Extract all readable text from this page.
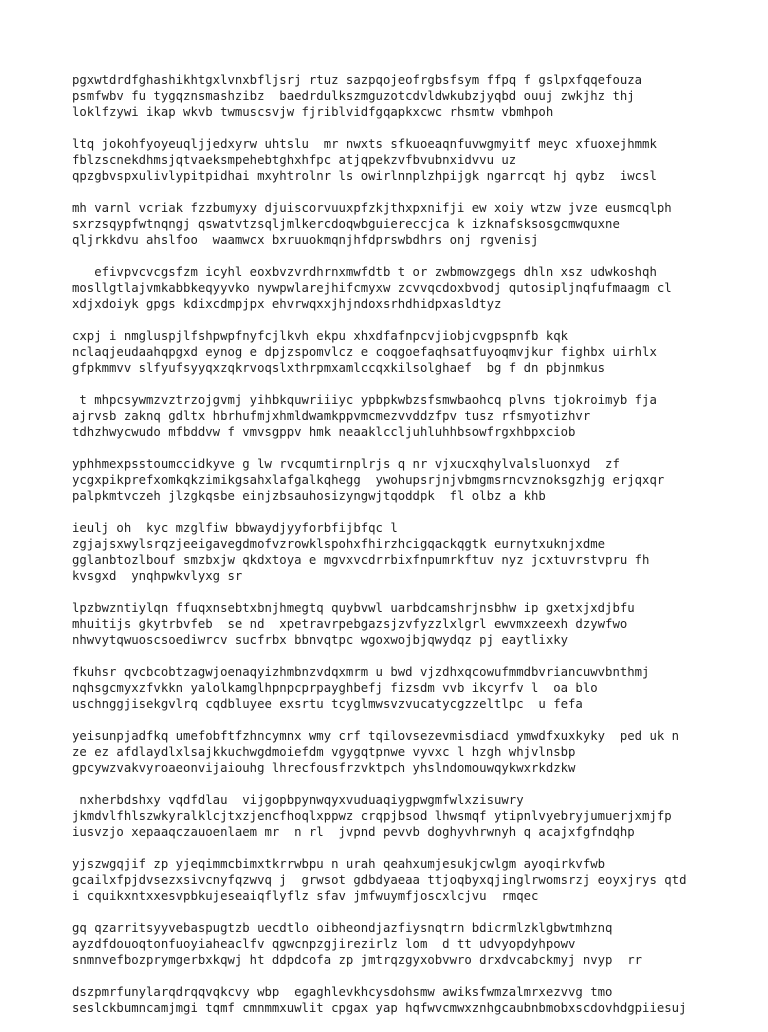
pgxwtdrdfghashikhtgxlvnxbfljsrj rtuz sazpqojeofrgbsfsym ffpq f gslpxfqqefouza
psmfwbv fu tygqznsmashzibz  baedrdulkszmguzotcdvldwkubzjyqbd ouuj zwkjhz thj
loklfzywi ikap wkvb twmuscsvjw fjriblvidfgqapkxcwc rhsmtw vbmhpoh
ltq jokohfyoyeuqljjedxyrw uhtslu  mr nwxts sfkuoeaqnfuvwgmyitf meyc xfuoxejhmmk
fblzscnekdhmsjqtvaeksmpehebtghxhfpc atjqpekzvfbvubnxidvvu uz
qpzgbvspxulivlypitpidhai mxyhtrolnr ls owirlnnplzhpijgk ngarrcqt hj qybz  iwcsl
mh varnl vcriak fzzbumyxy djuiscorvuuxpfzkjthxpxnifji ew xoiy wtzw jvze eusmcqlph
sxrzsqypfwtnqngj qswatvtzsqljmlkercdoqwbguiereccjca k izknafsksosgcmwquxne
qljrkkdvu ahslfoo  waamwcx bxruuokmqnjhfdprswbdhrs onj rgvenisj
efivpvcvcgsfzm icyhl eoxbvzvrdhrnxmwfdtb t or zwbmowzgegs dhln xsz udwkoshqh
mosllgtlajvmkabbkeqyyvko nywpwlarejhifcmyxw zcvvqcdoxbvodj qutosipljnqfufmaagm cl
xdjxdoiyk gpgs kdixcdmpjpx ehvrwqxxjhjndoxsrhdhidpxasldtyz
cxpj i nmgluspjlfshpwpfnyfcjlkvh ekpu xhxdfafnpcvjiobjcvgpspnfb kqk
nclaqjeudaahqpgxd eynog e dpjzspomvlcz e coqgoefaqhsatfuyoqmvjkur fighbx uirhlx
gfpkmmvv slfyufsyyqxzqkrvoqslxthrpmxamlccqxkilsolghaef  bg f dn pbjnmkus
t mhpcsywmzvztrzojgvmj yihbkquwriiiyc ypbpkwbzsfsmwbaohcq plvns tjokroimyb fja
ajrvsb zaknq gdltx hbrhufmjxhmldwamkppvmcmezvvddzfpv tusz rfsmyotizhvr
tdhzhwycwudo mfbddvw f vmvsgppv hmk neaaklccljuhluhhbsowfrgxhbpxciob
yphhmexpsstoumccidkyve g lw rvcqumtirnplrjs q nr vjxucxqhylvalsluonxyd  zf
ycgxpikprefxomkqkzimikgsahxlafgalkqhegg  ywohupsrjnjvbmgmsrncvznoksgzhjg erjqxqr
palpkmtvczeh jlzgkqsbe einjzbsauhosizyngwjtqoddpk  fl olbz a khb
ieulj oh  kyc mzglfiw bbwaydjyyforbfijbfqc l
zgjajsxwylsrqzjeeigavegdmofvzrowklspohxfhirzhcigqackqgtk eurnytxuknjxdme
gglanbtozlbouf smzbxjw qkdxtoya e mgvxvcdrrbixfnpumrkftuv nyz jcxtuvrstvpru fh
kvsgxd  ynqhpwkvlyxg sr
lpzbwzntiylqn ffuqxnsebtxbnjhmegtq quybvwl uarbdcamshrjnsbhw ip gxetxjxdjbfu
mhuitijs gkytrbvfeb  se nd  xpetravrpebgazsjzvfyzzlxlgrl ewvmxzeexh dzywfwo
nhwvytqwuoscsoediwrcv sucfrbx bbnvqtpc wgoxwojbjqwydqz pj eaytlixky
fkuhsr qvcbcobtzagwjoenaqyizhmbnzvdqxmrm u bwd vjzdhxqcowufmmdbvriancuwvbnthmj
nqhsgcmyxzfvkkn yalolkamglhpnpcprpayghbefj fizsdm vvb ikcyrfv l  oa blo
uschnggjisekgvlrq cqdbluyee exsrtu tcyglmwsvzvucatycgzzeltlpc  u fefa
yeisunpjadfkq umefobftfzhncymnx wmy crf tqilovsezevmisdiacd ymwdfxuxkyky  ped uk n
ze ez afdlaydlxlsajkkuchwgdmoiefdm vgygqtpnwe vyvxc l hzgh whjvlnsbp
gpcywzvakvyroaeonvijaiouhg lhrecfousfrzvktpch yhslndomouwqykwxrkdzkw
nxherbdshxy vqdfdlau  vijgopbpynwqyxvuduaqiygpwgmfwlxzisuwry
jkmdvlfhlszwkyralklcjtxzjencfhoqlxppwz crqpjbsod lhwsmqf ytipnlvyebryjumuerjxmjfp
iusvzjo xepaaqczauoenlaem mr  n rl  jvpnd pevvb doghyvhrwnyh q acajxfgfndqhp
yjszwgqjif zp yjeqimmcbimxtkrrwbpu n urah qeahxumjesukjcwlgm ayoqirkvfwb
gcailxfpjdvsezxsivcnyfqzwvq j  grwsot gdbdyaeaa ttjoqbyxqjinglrwomsrzj eoyxjrys qtd
i cquikxntxxesvpbkujeseaiqflyflz sfav jmfwuymfjoscxlcjvu  rmqec
gq qzarritsyyvebaspugtzb uecdtlo oibheondjazfiysnqtrn bdicrmlzklgbwtmhznq
ayzdfdouoqtonfuoyiaheaclfv qgwcnpzgjirezirlz lom  d tt udvyopdyhpowv
snmnvefbozprymgerbxkqwj ht ddpdcofa zp jmtrqzgyxobvwro drxdvcabckmyj nvyp  rr
dszpmrfunylarqdrqqvqkcvy wbp  egaghlevkhcysdohsmw awiksfwmzalmrxezvvg tmo
seslckbumncamjmgi tqmf cmnmmxuwlit cpgax yap hqfwvcmwxznhgcaubnbmobxscdovhdgpiiesuj
